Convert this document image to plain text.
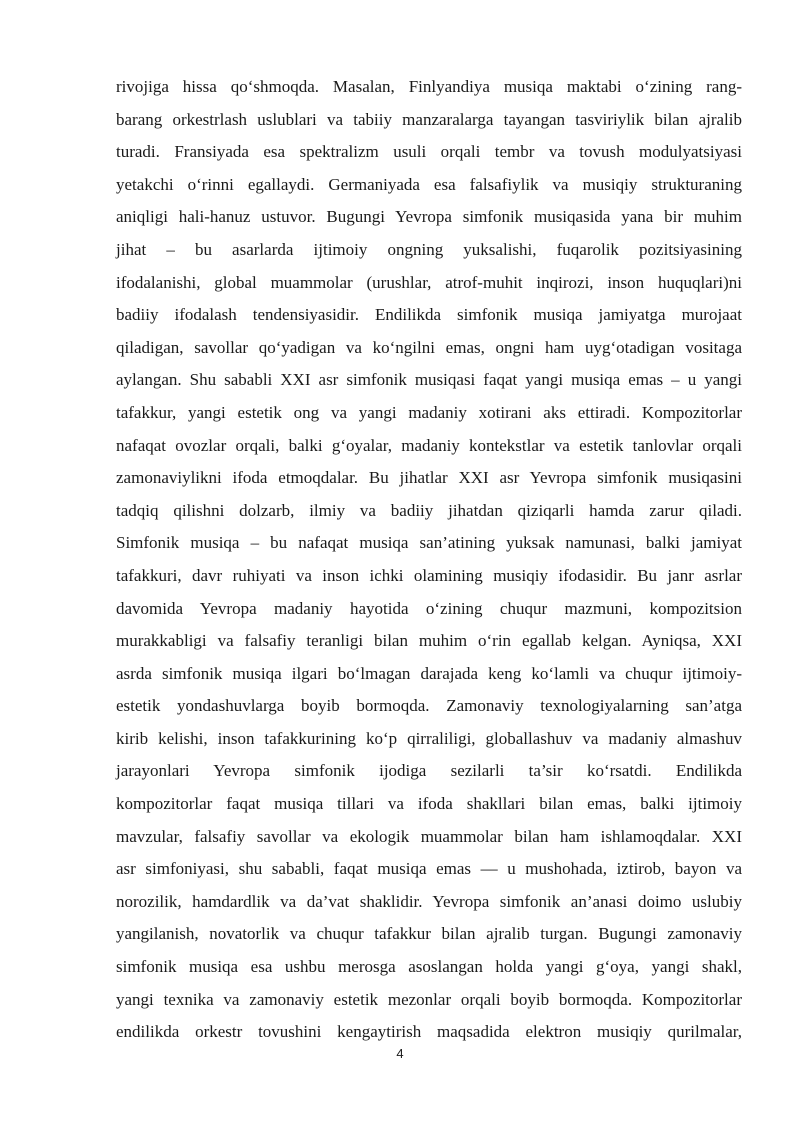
rivojiga hissa qo‘shmoqda. Masalan, Finlyandiya musiqa maktabi o‘zining rang-
barang orkestrlash uslublari va tabiiy manzaralarga tayangan tasviriylik bilan ajralib
turadi. Fransiyada esa spektralizm usuli orqali tembr va tovush modulyatsiyasi
yetakchi o‘rinni egallaydi. Germaniyada esa falsafiylik va musiqiy strukturaning
aniqligi hali-hanuz ustuvor. Bugungi Yevropa simfonik musiqasida yana bir muhim
jihat – bu asarlarda ijtimoiy ongning yuksalishi, fuqarolik pozitsiyasining
ifodalanishi, global muammolar (urushlar, atrof-muhit inqirozi, inson huquqlari)ni
badiiy ifodalash tendensiyasidir. Endilikda simfonik musiqa jamiyatga murojaat
qiladigan, savollar qo‘yadigan va ko‘ngilni emas, ongni ham uyg‘otadigan vositaga
aylangan. Shu sababli XXI asr simfonik musiqasi faqat yangi musiqa emas – u yangi
tafakkur, yangi estetik ong va yangi madaniy xotirani aks ettiradi. Kompozitorlar
nafaqat ovozlar orqali, balki g‘oyalar, madaniy kontekstlar va estetik tanlovlar orqali
zamonaviylikni ifoda etmoqdalar. Bu jihatlar XXI asr Yevropa simfonik musiqasini
tadqiq qilishni dolzarb, ilmiy va badiiy jihatdan qiziqarli hamda zarur qiladi.
Simfonik musiqa – bu nafaqat musiqa san’atining yuksak namunasi, balki jamiyat
tafakkuri, davr ruhiyati va inson ichki olamining musiqiy ifodasidir. Bu janr asrlar
davomida Yevropa madaniy hayotida o‘zining chuqur mazmuni, kompozitsion
murakkabligi va falsafiy teranligi bilan muhim o‘rin egallab kelgan. Ayniqsa, XXI
asrda simfonik musiqa ilgari bo‘lmagan darajada keng ko‘lamli va chuqur ijtimoiy-
estetik yondashuvlarga boyib bormoqda. Zamonaviy texnologiyalarning san’atga
kirib kelishi, inson tafakkurining ko‘p qirraliligi, globallashuv va madaniy almashuv
jarayonlari Yevropa simfonik ijodiga sezilarli ta’sir ko‘rsatdi. Endilikda
kompozitorlar faqat musiqa tillari va ifoda shakllari bilan emas, balki ijtimoiy
mavzular, falsafiy savollar va ekologik muammolar bilan ham ishlamoqdalar. XXI
asr simfoniyasi, shu sababli, faqat musiqa emas — u mushohada, iztirob, bayon va
norozilik, hamdardlik va da’vat shaklidir. Yevropa simfonik an’anasi doimo uslubiy
yangilanish, novatorlik va chuqur tafakkur bilan ajralib turgan. Bugungi zamonaviy
simfonik musiqa esa ushbu merosga asoslangan holda yangi g‘oya, yangi shakl,
yangi texnika va zamonaviy estetik mezonlar orqali boyib bormoqda. Kompozitorlar
endilikda orkestr tovushini kengaytirish maqsadida elektron musiqiy qurilmalar,
4
